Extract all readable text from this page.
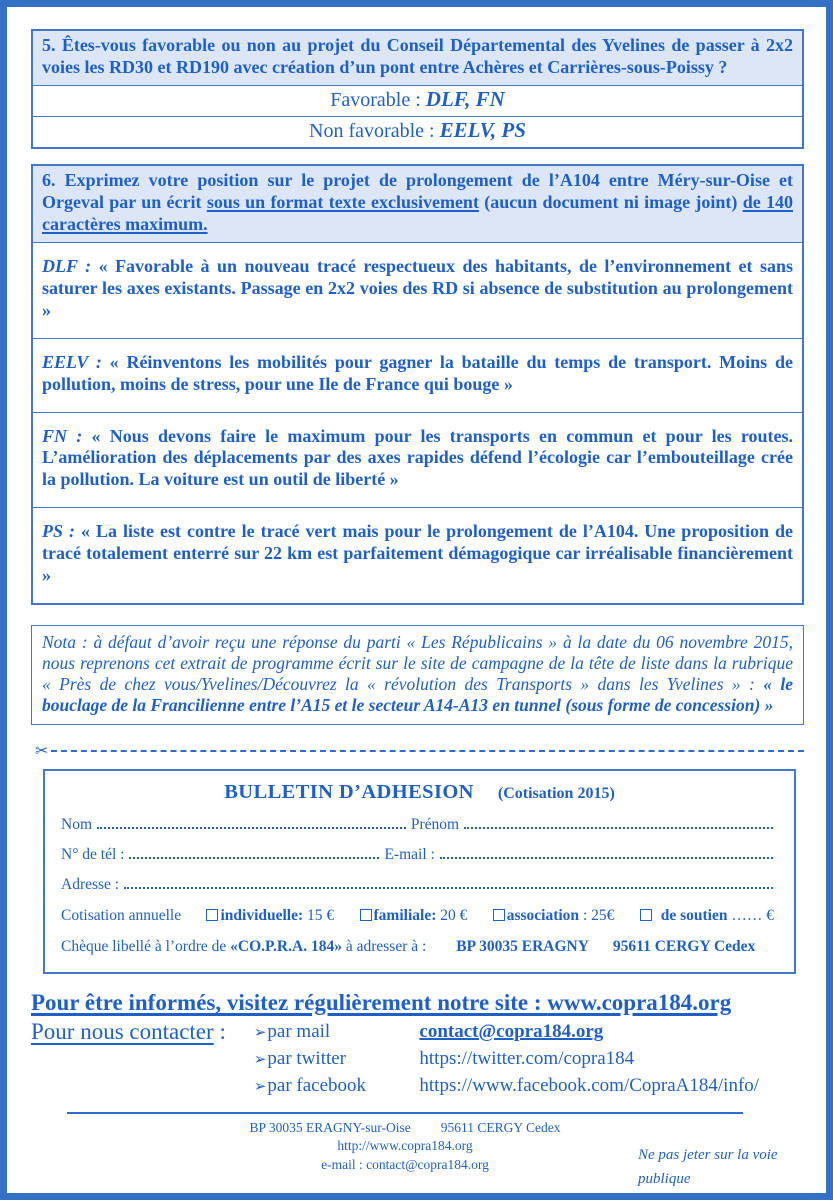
5. Êtes-vous favorable ou non au projet du Conseil Départemental des Yvelines de passer à 2x2 voies les RD30 et RD190 avec création d’un pont entre Achères et Carrières-sous-Poissy ?
Favorable : DLF, FN
Non favorable : EELV, PS
6. Exprimez votre position sur le projet de prolongement de l’A104 entre Méry-sur-Oise et Orgeval par un écrit sous un format texte exclusivement (aucun document ni image joint) de 140 caractères maximum.
DLF : « Favorable à un nouveau tracé respectueux des habitants, de l’environnement et sans saturer les axes existants. Passage en 2x2 voies des RD si absence de substitution au prolongement »
EELV : « Réinventons les mobilités pour gagner la bataille du temps de transport. Moins de pollution, moins de stress, pour une Ile de France qui bouge »
FN : « Nous devons faire le maximum pour les transports en commun et pour les routes. L’amélioration des déplacements par des axes rapides défend l’écologie car l’embouteillage crée la pollution. La voiture est un outil de liberté »
PS : « La liste est contre le tracé vert mais pour le prolongement de l’A104. Une proposition de tracé totalement enterré sur 22 km est parfaitement démagogique car irréalisable financièrement »
Nota : à défaut d’avoir reçu une réponse du parti « Les Républicains » à la date du 06 novembre 2015, nous reprenons cet extrait de programme écrit sur le site de campagne de la tête de liste dans la rubrique « Près de chez vous/Yvelines/Découvrez la « révolution des Transports » dans les Yvelines » : « le bouclage de la Francilienne entre l’A15 et le secteur A14-A13 en tunnel (sous forme de concession) »
✂
BULLETIN D’ADHESION (Cotisation 2015)
Nom	Prénom
N° de tél :	E-mail :
Adresse :
Cotisation annuelle	individuelle: 15 €	familiale: 20 €	association : 25€	de soutien …… €
Chèque libellé à l’ordre de «CO.P.R.A. 184» à adresser à : BP 30035 ERAGNY 95611 CERGY Cedex
Pour être informés, visitez régulièrement notre site : www.copra184.org
Pour nous contacter : ➢ par mail	contact@copra184.org
➢ par twitter	https://twitter.com/copra184
➢ par facebook	https://www.facebook.com/CopraA184/info/
BP 30035 ERAGNY-sur-Oise 95611 CERGY Cedex
http://www.copra184.org
e-mail : contact@copra184.org
Ne pas jeter sur la voie publique
